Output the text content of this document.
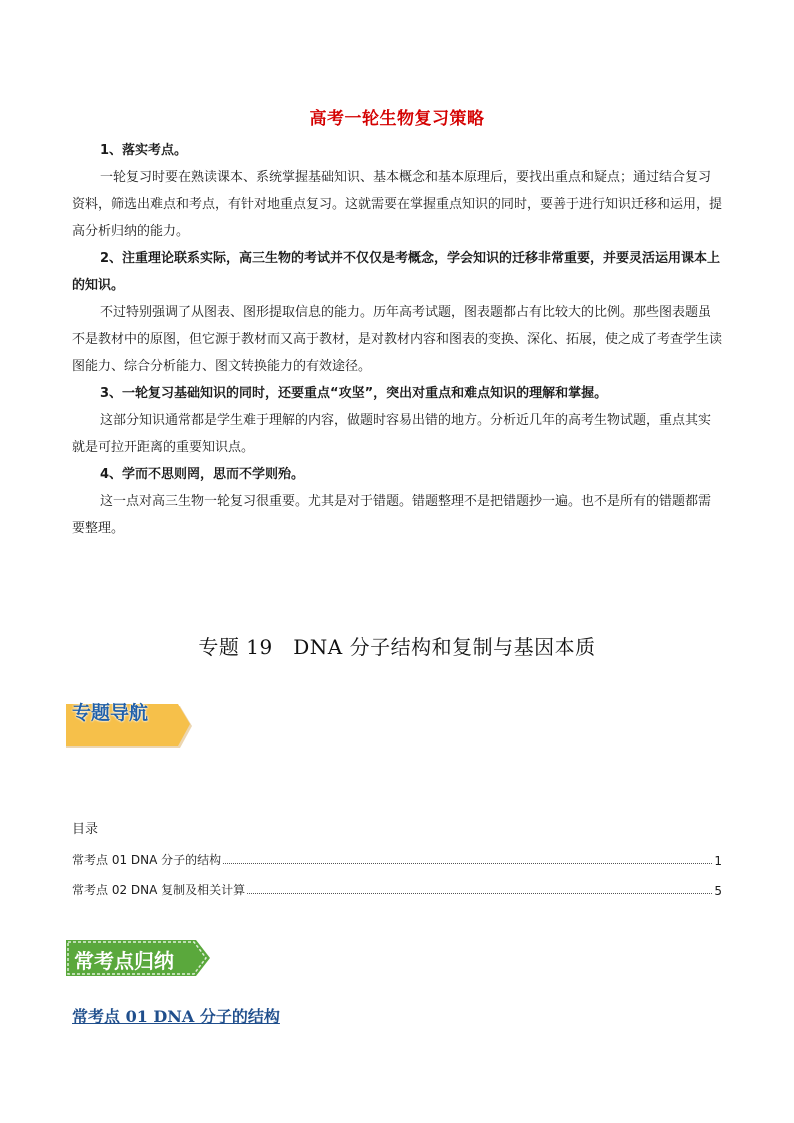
高考一轮生物复习策略

1、落实考点。

一轮复习时要在熟读课本、系统掌握基础知识、基本概念和基本原理后，要找出重点和疑点；通过结合复习资料，筛选出难点和考点，有针对地重点复习。这就需要在掌握重点知识的同时，要善于进行知识迁移和运用，提高分析归纳的能力。

2、注重理论联系实际，高三生物的考试并不仅仅是考概念，学会知识的迁移非常重要，并要灵活运用课本上的知识。

不过特别强调了从图表、图形提取信息的能力。历年高考试题，图表题都占有比较大的比例。那些图表题虽不是教材中的原图，但它源于教材而又高于教材，是对教材内容和图表的变换、深化、拓展，使之成了考查学生读图能力、综合分析能力、图文转换能力的有效途径。

3、一轮复习基础知识的同时，还要重点“攻坚”，突出对重点和难点知识的理解和掌握。

这部分知识通常都是学生难于理解的内容，做题时容易出错的地方。分析近几年的高考生物试题，重点其实就是可拉开距离的重要知识点。

4、学而不思则罔，思而不学则殆。

这一点对高三生物一轮复习很重要。尤其是对于错题。错题整理不是把错题抄一遍。也不是所有的错题都需要整理。

专题 19　DNA 分子结构和复制与基因本质
专题导航
目录
常考点 01 DNA 分子的结构	1
常考点 02 DNA 复制及相关计算	5
常考点归纳
常考点 01 DNA 分子的结构
